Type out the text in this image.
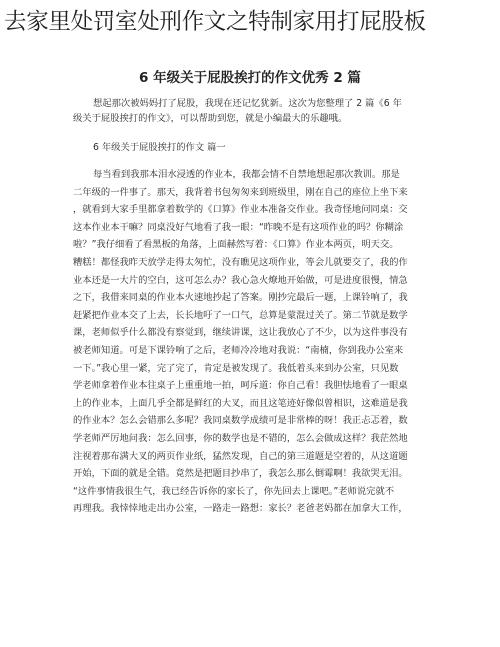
去家里处罚室处刑作文之特制家用打屁股板
6 年级关于屁股挨打的作文优秀 2 篇

想起那次被妈妈打了屁股，我现在还记忆犹新。这次为您整理了 2 篇《6 年

级关于屁股挨打的作文》，可以帮助到您，就是小编最大的乐趣哦。

6 年级关于屁股挨打的作文 篇一

每当看到我那本泪水浸透的作业本，我都会情不自禁地想起那次教训。那是

二年级的一件事了。那天，我背着书包匆匆来到班级里，刚在自己的座位上坐下来

，就看到大家手里都拿着数学的《口算》作业本准备交作业。我奇怪地问同桌：交

这本作业本干嘛？同桌没好气地看了我一眼：“昨晚不是有这项作业的吗？你糊涂

啦？”我仔细看了看黑板的角落，上面赫然写着：《口算》作业本两页，明天交。

糟糕！都怪我昨天放学走得太匆忙，没有瞧见这项作业，等会儿就要交了，我的作

业本还是一大片的空白，这可怎么办？我心急火燎地开始做，可是进度很慢，情急

之下，我借来同桌的作业本火速地抄起了答案。刚抄完最后一题，上课铃响了，我

赶紧把作业本交了上去，长长地吁了一口气，总算是蒙混过关了。第二节就是数学

课，老师似乎什么都没有察觉到，继续讲课，这让我放心了不少，以为这件事没有

被老师知道。可是下课铃响了之后，老师冷冷地对我说：“南楠，你到我办公室来

一下。”我心里一紧，完了完了，肯定是被发现了。我低着头来到办公室，只见数

学老师拿着作业本往桌子上重重地一拍，呵斥道：你自己看！我胆怯地看了一眼桌

上的作业本，上面几乎全都是鲜红的大叉，而且这笔迹好像似曾相识，这难道是我

的作业本？怎么会错那么多呢？我同桌数学成绩可是非常棒的呀！我正忐忑着，数

学老师严厉地问我：怎么回事，你的数学也是不错的，怎么会做成这样？我茫然地

注视着那布满大叉的两页作业纸，猛然发现，自己的第三道题是空着的，从这道题

开始，下面的就是全错。竟然是把题目抄串了，我怎么那么倒霉啊！我欲哭无泪。

“这件事情我很生气，我已经告诉你的家长了，你先回去上课吧。”老师说完就不

再理我。我悻悻地走出办公室，一路走一路想：家长？老爸老妈都在加拿大工作，
